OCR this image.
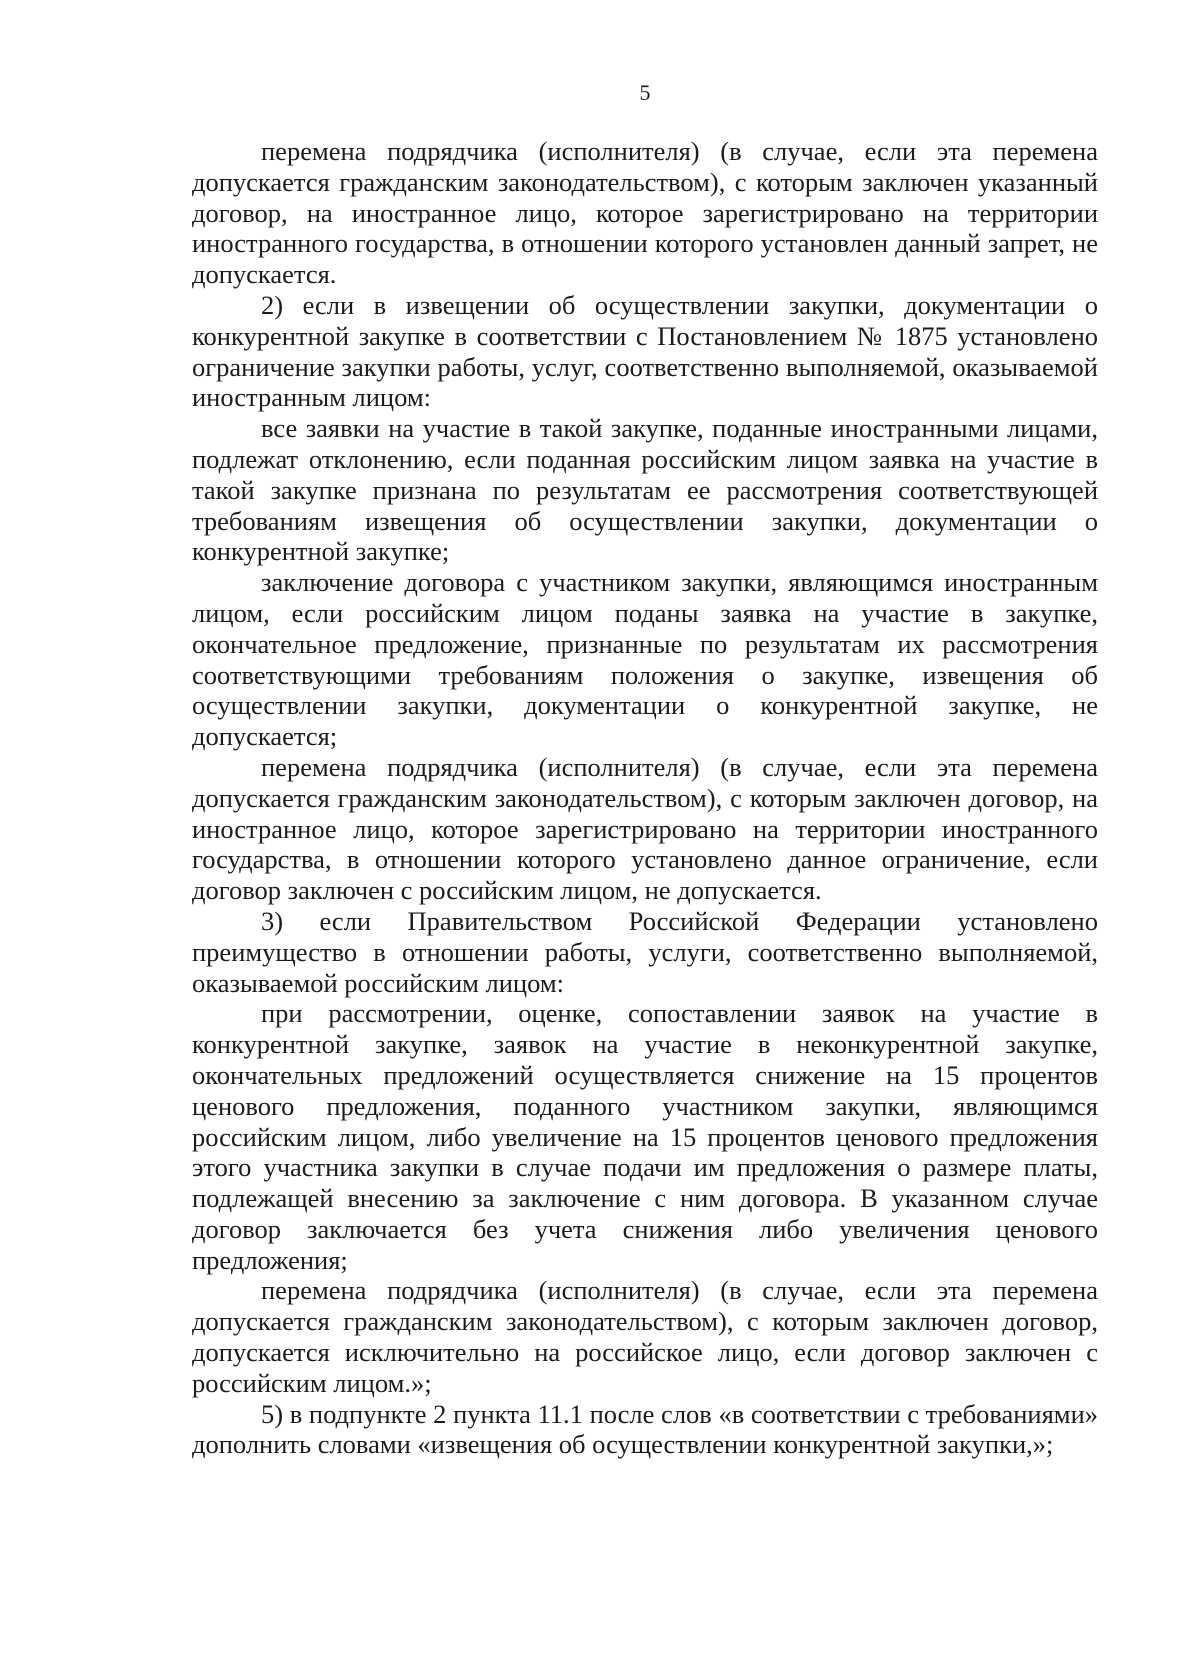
5

перемена подрядчика (исполнителя) (в случае, если эта перемена допускается гражданским законодательством), с которым заключен указанный договор, на иностранное лицо, которое зарегистрировано на территории иностранного государства, в отношении которого установлен данный запрет, не допускается.

2) если в извещении об осуществлении закупки, документации о конкурентной закупке в соответствии с Постановлением № 1875 установлено ограничение закупки работы, услуг, соответственно выполняемой, оказываемой иностранным лицом:

все заявки на участие в такой закупке, поданные иностранными лицами, подлежат отклонению, если поданная российским лицом заявка на участие в такой закупке признана по результатам ее рассмотрения соответствующей требованиям извещения об осуществлении закупки, документации о конкурентной закупке;

заключение договора с участником закупки, являющимся иностранным лицом, если российским лицом поданы заявка на участие в закупке, окончательное предложение, признанные по результатам их рассмотрения соответствующими требованиям положения о закупке, извещения об осуществлении закупки, документации о конкурентной закупке, не допускается;

перемена подрядчика (исполнителя) (в случае, если эта перемена допускается гражданским законодательством), с которым заключен договор, на иностранное лицо, которое зарегистрировано на территории иностранного государства, в отношении которого установлено данное ограничение, если договор заключен с российским лицом, не допускается.

3) если Правительством Российской Федерации установлено преимущество в отношении работы, услуги, соответственно выполняемой, оказываемой российским лицом:

при рассмотрении, оценке, сопоставлении заявок на участие в конкурентной закупке, заявок на участие в неконкурентной закупке, окончательных предложений осуществляется снижение на 15 процентов ценового предложения, поданного участником закупки, являющимся российским лицом, либо увеличение на 15 процентов ценового предложения этого участника закупки в случае подачи им предложения о размере платы, подлежащей внесению за заключение с ним договора. В указанном случае договор заключается без учета снижения либо увеличения ценового предложения;

перемена подрядчика (исполнителя) (в случае, если эта перемена допускается гражданским законодательством), с которым заключен договор, допускается исключительно на российское лицо, если договор заключен с российским лицом.»;

5) в подпункте 2 пункта 11.1 после слов «в соответствии с требованиями» дополнить словами «извещения об осуществлении конкурентной закупки,»;
